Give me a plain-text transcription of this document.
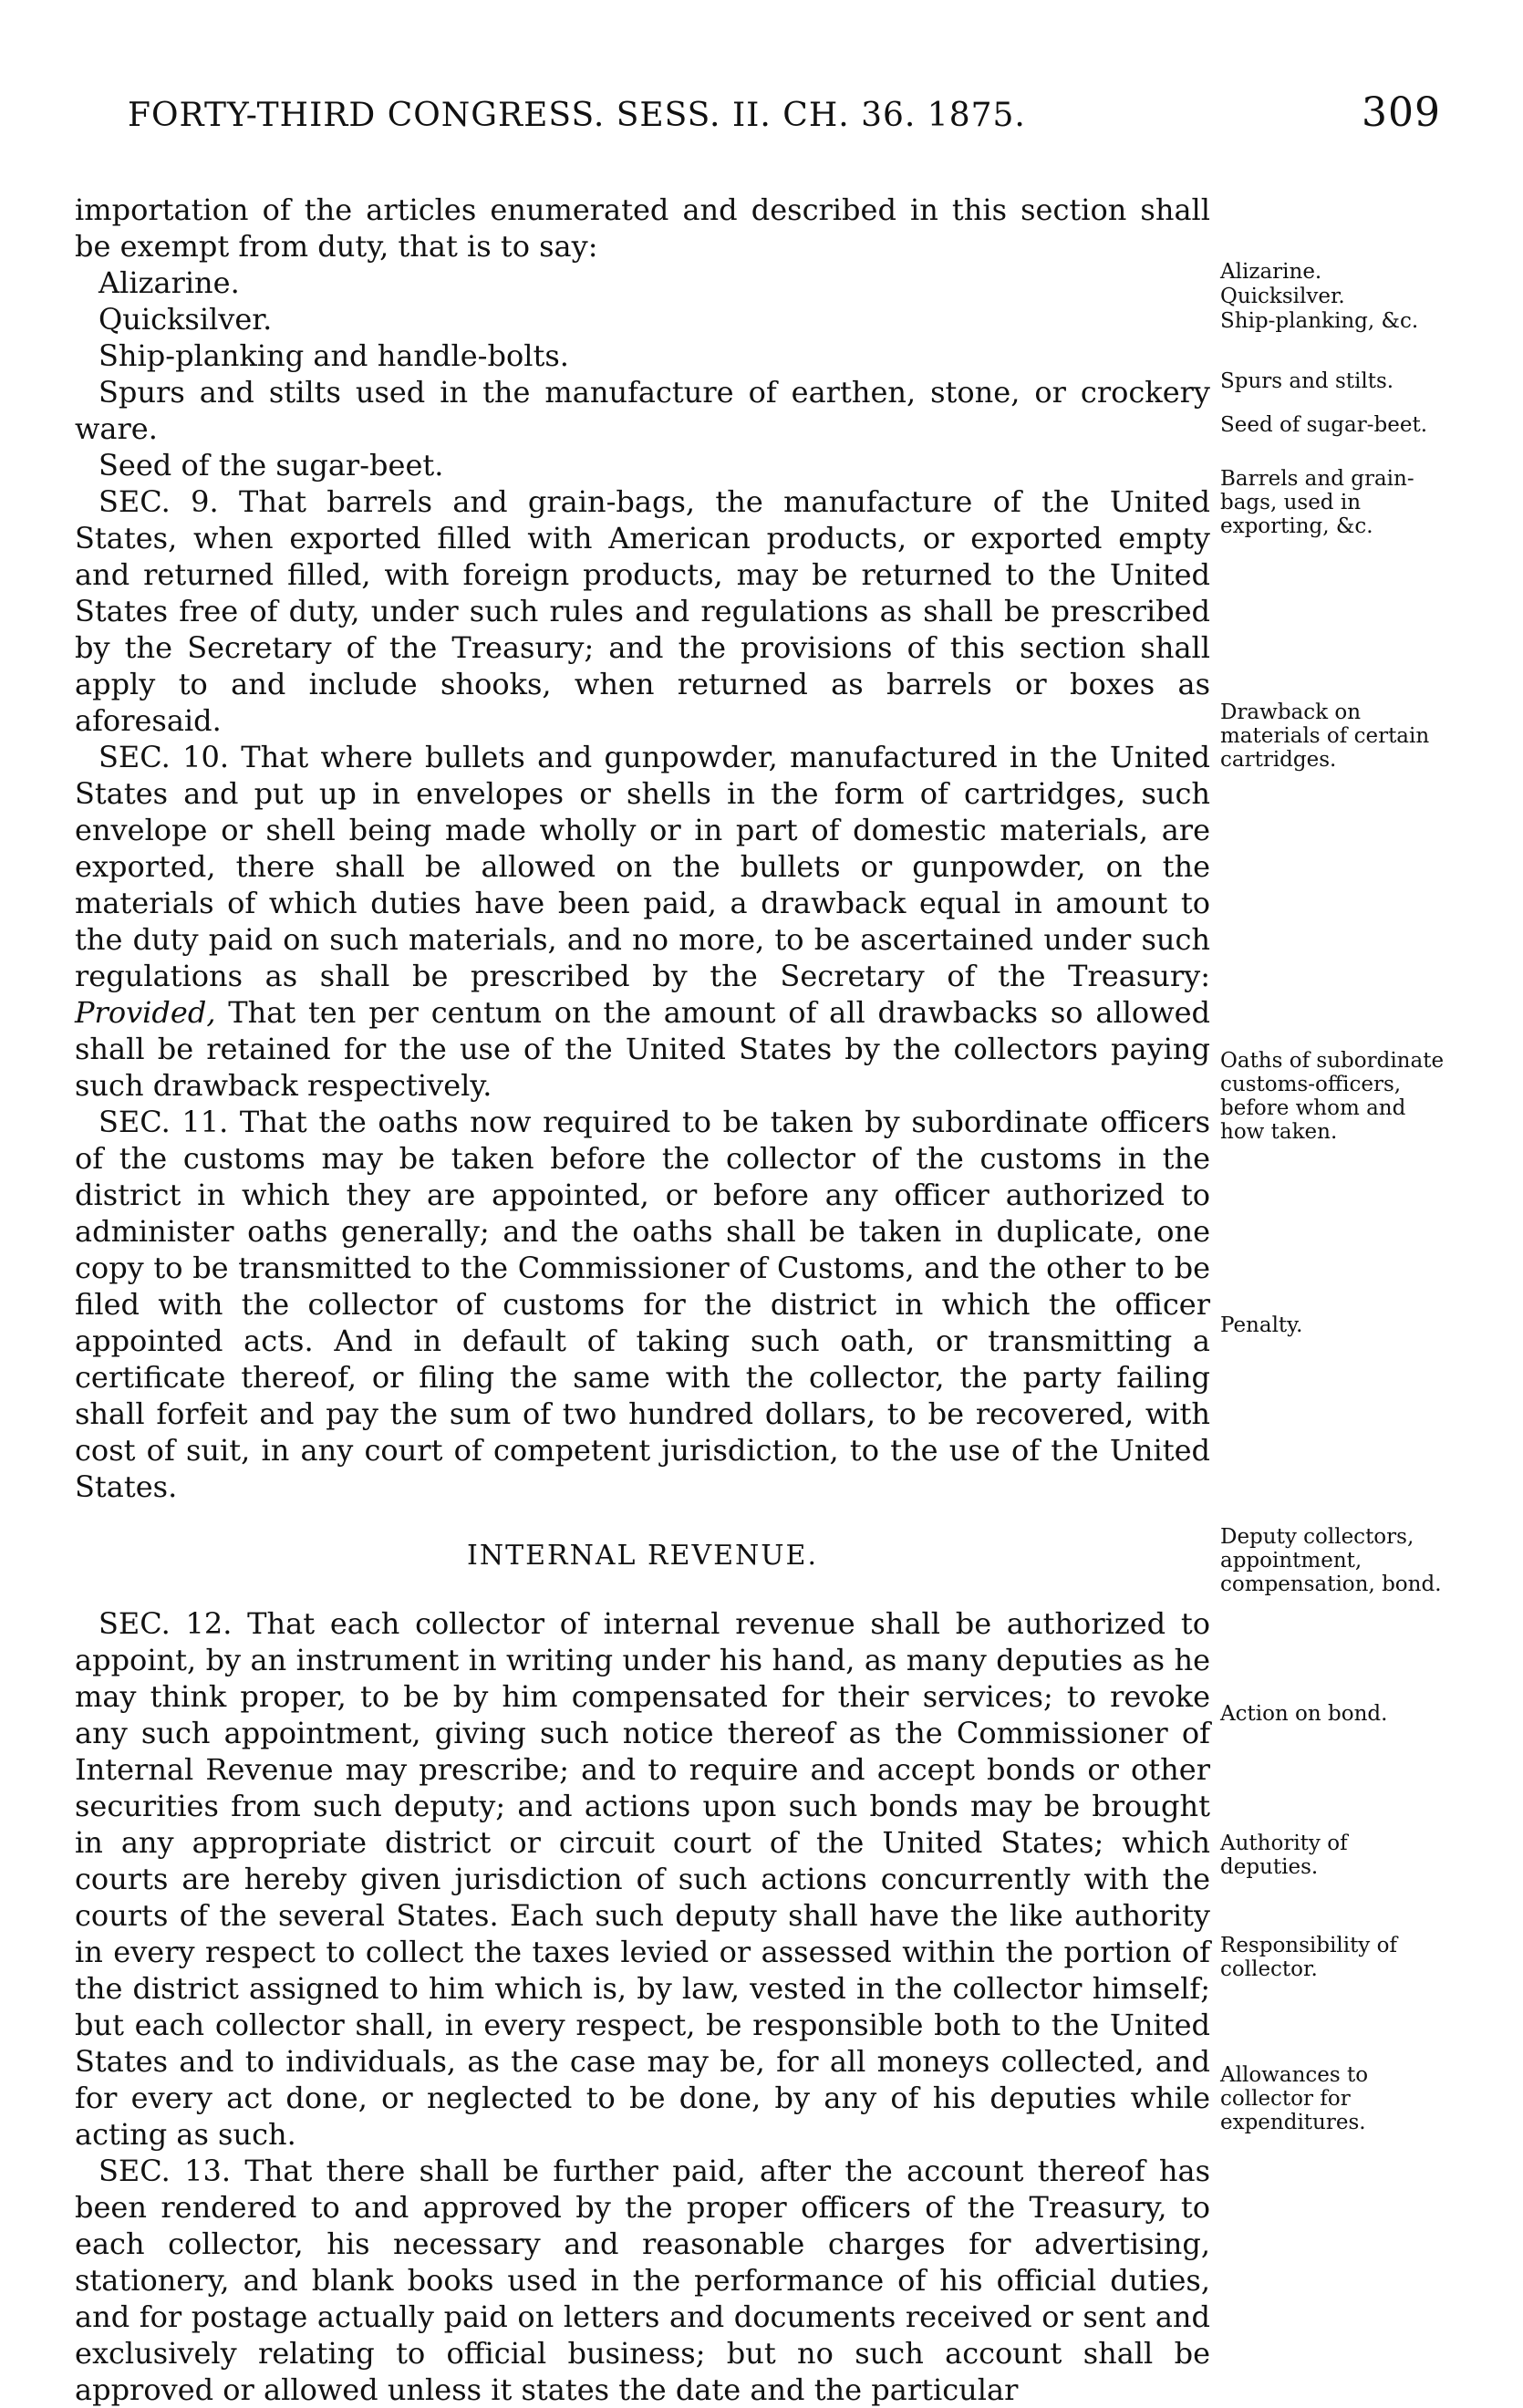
FORTY-THIRD CONGRESS. SESS. II. CH. 36. 1875.	309

importation of the articles enumerated and described in this section shall be exempt from duty, that is to say:

Alizarine.

Quicksilver.

Ship-planking and handle-bolts.

Spurs and stilts used in the manufacture of earthen, stone, or crockery ware.

Seed of the sugar-beet.

SEC. 9. That barrels and grain-bags, the manufacture of the United States, when exported filled with American products, or exported empty and returned filled, with foreign products, may be returned to the United States free of duty, under such rules and regulations as shall be prescribed by the Secretary of the Treasury; and the provisions of this section shall apply to and include shooks, when returned as barrels or boxes as aforesaid.

SEC. 10. That where bullets and gunpowder, manufactured in the United States and put up in envelopes or shells in the form of cartridges, such envelope or shell being made wholly or in part of domestic materials, are exported, there shall be allowed on the bullets or gunpowder, on the materials of which duties have been paid, a drawback equal in amount to the duty paid on such materials, and no more, to be ascertained under such regulations as shall be prescribed by the Secretary of the Treasury: Provided, That ten per centum on the amount of all drawbacks so allowed shall be retained for the use of the United States by the collectors paying such drawback respectively.

SEC. 11. That the oaths now required to be taken by subordinate officers of the customs may be taken before the collector of the customs in the district in which they are appointed, or before any officer authorized to administer oaths generally; and the oaths shall be taken in duplicate, one copy to be transmitted to the Commissioner of Customs, and the other to be filed with the collector of customs for the district in which the officer appointed acts. And in default of taking such oath, or transmitting a certificate thereof, or filing the same with the collector, the party failing shall forfeit and pay the sum of two hundred dollars, to be recovered, with cost of suit, in any court of competent jurisdiction, to the use of the United States.

INTERNAL REVENUE.

SEC. 12. That each collector of internal revenue shall be authorized to appoint, by an instrument in writing under his hand, as many deputies as he may think proper, to be by him compensated for their services; to revoke any such appointment, giving such notice thereof as the Commissioner of Internal Revenue may prescribe; and to require and accept bonds or other securities from such deputy; and actions upon such bonds may be brought in any appropriate district or circuit court of the United States; which courts are hereby given jurisdiction of such actions concurrently with the courts of the several States. Each such deputy shall have the like authority in every respect to collect the taxes levied or assessed within the portion of the district assigned to him which is, by law, vested in the collector himself; but each collector shall, in every respect, be responsible both to the United States and to individuals, as the case may be, for all moneys collected, and for every act done, or neglected to be done, by any of his deputies while acting as such.

SEC. 13. That there shall be further paid, after the account thereof has been rendered to and approved by the proper officers of the Treasury, to each collector, his necessary and reasonable charges for advertising, stationery, and blank books used in the performance of his official duties, and for postage actually paid on letters and documents received or sent and exclusively relating to official business; but no such account shall be approved or allowed unless it states the date and the particular

Alizarine.
Quicksilver.
Ship-planking, &c.
Spurs and stilts.
Seed of sugar-beet.
Barrels and grain-bags, used in exporting, &c.
Drawback on materials of certain cartridges.
Oaths of subordinate customs-officers, before whom and how taken.
Penalty.
Deputy collectors, appointment, compensation, bond.
Action on bond.
Authority of deputies.
Responsibility of collector.
Allowances to collector for expenditures.
